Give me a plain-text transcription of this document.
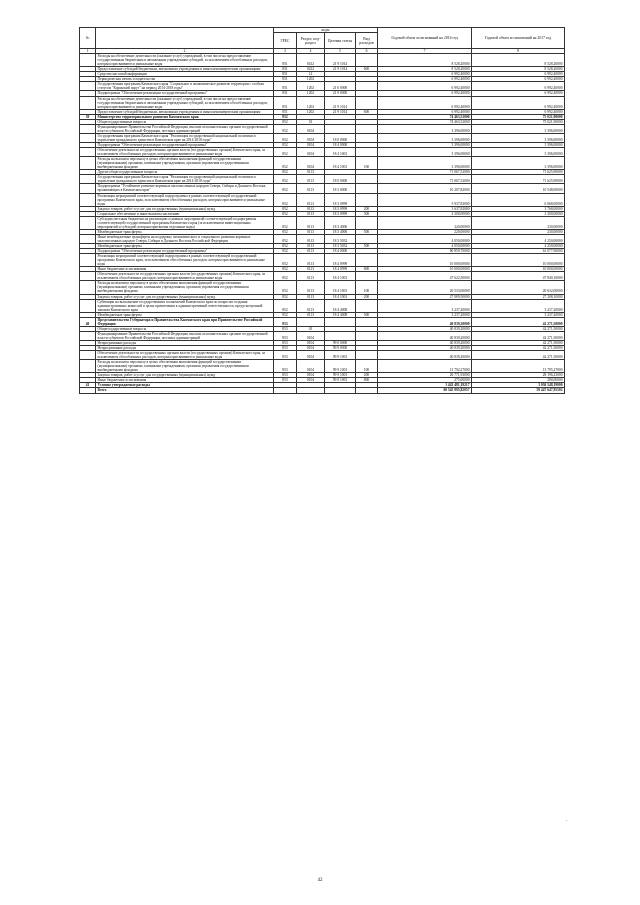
№		коды				Годовой объем ассигнований на 2016 год	Годовой объем ассигнований на 2017 год
		ГРБС	Раздел, под-раздел	Целевая статья	Вид расходов		
1	2	3	4	5	6	7	8
	Расходы на обеспечение деятельности (оказание услуг) учреждений, в том числе на предоставление государственным бюджетным и автономным учреждениям субсидий, за исключением обособленных расходов, которым присваиваются уникальные коды	851	0412	21 9 1014		8 528,20000	8 528,20000
	Предоставление субсидий бюджетным, автономным учреждениям и иным некоммерческим организациям	851	0412	21 9 1014	600	8 528,20000	8 528,20000
	Средства массовой информации	851	12			6 992,40000	6 992,40000
	Периодическая печать и издательства	851	1202			6 992,40000	6 992,40000
	Государственная программа Камчатского края "Социальное и экономическое развитие территории с особым статусом "Корякский округ" на период 2014-2018 годы"	851	1202	21 0 0000		6 992,40000	6 992,40000
	Подпрограмма "Обеспечение реализации государственной программы"	851	1202	21 9 0000		6 992,40000	6 992,40000
	Расходы на обеспечение деятельности (оказание услуг) учреждений, в том числе на предоставление государственным бюджетным и автономным учреждениям субсидий, за исключением обособленных расходов, которым присваиваются уникальные коды	851	1202	21 9 1014		6 992,40000	6 992,40000
	Предоставление субсидий бюджетным, автономным учреждениям и иным некоммерческим организациям	851	1202	21 9 1014	600	6 992,40000	6 992,40000
39	Министерство территориального развития Камчатского края	852				74 463,52000	75 021,90000
	Общегосударственные вопросы	852	01			74 463,52000	75 021,90000
	Функционирование Правительства Российской Федерации, высших исполнительных органов государственной власти субъектов Российской Федерации, местных администраций	852	0104			3 396,00000	3 396,00000
	Государственная программа Камчатского края "Реализация государственной национальной политики и укрепление гражданского единства в Камчатском крае на 2014-2018 годы"	852	0104	18 0 0000		3 396,00000	3 396,00000
	Подпрограмма "Обеспечение реализации государственной программы"	852	0104	18 4 0000		3 396,00000	3 396,00000
	Обеспечение деятельности государственных органов власти (государственных органов) Камчатского края, за исключением обособленных расходов, которым присваиваются уникальные коды	852	0104	18 4 1001		3 396,00000	3 396,00000
	Расходы на выплаты персоналу в целях обеспечения выполнения функций государственными (муниципальными) органами, казенными учреждениями, органами управления государственными внебюджетными фондами	852	0104	18 4 1001	100	3 396,00000	3 396,00000
	Другие общегосударственные вопросы	852	0113			71 067,52000	71 625,90000
	Государственная программа Камчатского края "Реализация государственной национальной политики и укрепление гражданского единства в Камчатском крае на 2014-2018 годы"	852	0113	18 0 0000		71 067,52000	71 625,90000
	Подпрограмма "Устойчивое развитие коренных малочисленных народов Севера, Сибири и Дальнего Востока, проживающих в Камчатском крае"	852	0113	18 3 0000		10 207,82000	10 548,00000
	Реализация мероприятий соответствующей подпрограммы в рамках соответствующей государственной программы Камчатского края, за исключением обособленных расходов, которым присваиваются уникальные коды	852	0113	18 3 0999		5 937,82000	6 068,00000
	Закупка товаров, работ и услуг для государственных (муниципальных) нужд	852	0113	18 3 0999	200	3 637,82000	3 768,00000
	Социальное обеспечение и иные выплаты населению	852	0113	18 3 0999	300	2 300,00000	2 300,00000
	Субсидии местным бюджетам на реализацию основных мероприятий соответствующей подпрограммы соответствующей государственной программы Камчатского края (за исключением инвестиционных мероприятий и субсидий, которым присвоены отдельные коды)	852	0113	18 3 4006		220,00000	230,00000
	Межбюджетные трансферты	852	0113	18 3 4006	500	220,00000	230,00000
	Иные межбюджетные трансферты на поддержку экономического и социального развития коренных малочисленных народов Севера, Сибири и Дальнего Востока Российской Федерации	852	0113	18 3 5032		4 050,00000	4 250,00000
	Межбюджетные трансферты	852	0113	18 3 5032	500	4 050,00000	4 250,00000
	Подпрограмма "Обеспечение реализации государственной программы"	852	0113	18 4 0000		60 859,70000	61 077,90000
	Реализация мероприятий соответствующей подпрограммы в рамках соответствующей государственной программы Камчатского края, за исключением обособленных расходов, которым присваиваются уникальные коды	852	0113	18 4 0999		10 000,00000	10 000,00000
	Иные бюджетные ассигнования	852	0113	18 4 0999	800	10 000,00000	10 000,00000
	Обеспечение деятельности государственных органов власти (государственных органов) Камчатского края, за исключением обособленных расходов, которым присваиваются уникальные коды	852	0113	18 4 1001		47 622,50000	47 840,10000
	Расходы на выплаты персоналу в целях обеспечения выполнения функций государственными (муниципальными) органами, казенными учреждениями, органами управления государственными внебюджетными фондами	852	0113	18 4 1001	100	20 533,00000	20 632,00000
	Закупка товаров, работ и услуг для государственных (муниципальных) нужд	852	0113	18 4 1001	200	27 089,50000	27 208,10000
	Субвенции на выполнение государственных полномочий Камчатского края по вопросам создания административных комиссий в целях привлечения к административной ответственности, предусмотренной законом Камчатского края	852	0113	18 4 4008		3 237,20000	3 237,20000
	Межбюджетные трансферты	852	0113	18 4 4008	500	3 237,20000	3 237,20000
40	Представительство Губернатора и Правительства Камчатского края при Правительстве Российской Федерации	853				40 839,20000	42 271,50000
	Общегосударственные вопросы	853	01			40 839,20000	42 271,50000
	Функционирование Правительства Российской Федерации, высших исполнительных органов государственной власти субъектов Российской Федерации, местных администраций	853	0104			40 839,20000	42 271,50000
	Непрограммные расходы	853	0104	99 0 0000		40 839,20000	42 271,50000
	Непрограммные расходы	853	0104	99 9 0000		40 839,20000	42 271,50000
	Обеспечение деятельности государственных органов власти (государственных органов) Камчатского края, за исключением обособленных расходов, которым присваиваются уникальные коды	853	0104	99 9 1001		40 839,20000	42 271,50000
	Расходы на выплаты персоналу в целях обеспечения выполнения функций государственными (муниципальными) органами, казенными учреждениями, органами управления государственными внебюджетными фондами	853	0104	99 9 1001	100	13 792,27000	13 795,27000
	Закупка товаров, работ и услуг для государственных (муниципальных) нужд	853	0104	99 9 1001	200	26 771,93000	28 196,23000
	Иные бюджетные ассигнования	853	0104	99 9 1001	800	275,00000	280,00000
41	Условно утверждаемые расходы					1 443 481,19217	3 036 548,19000
	Всего					60 545 995,82057	59 447 647,95502
'
42
